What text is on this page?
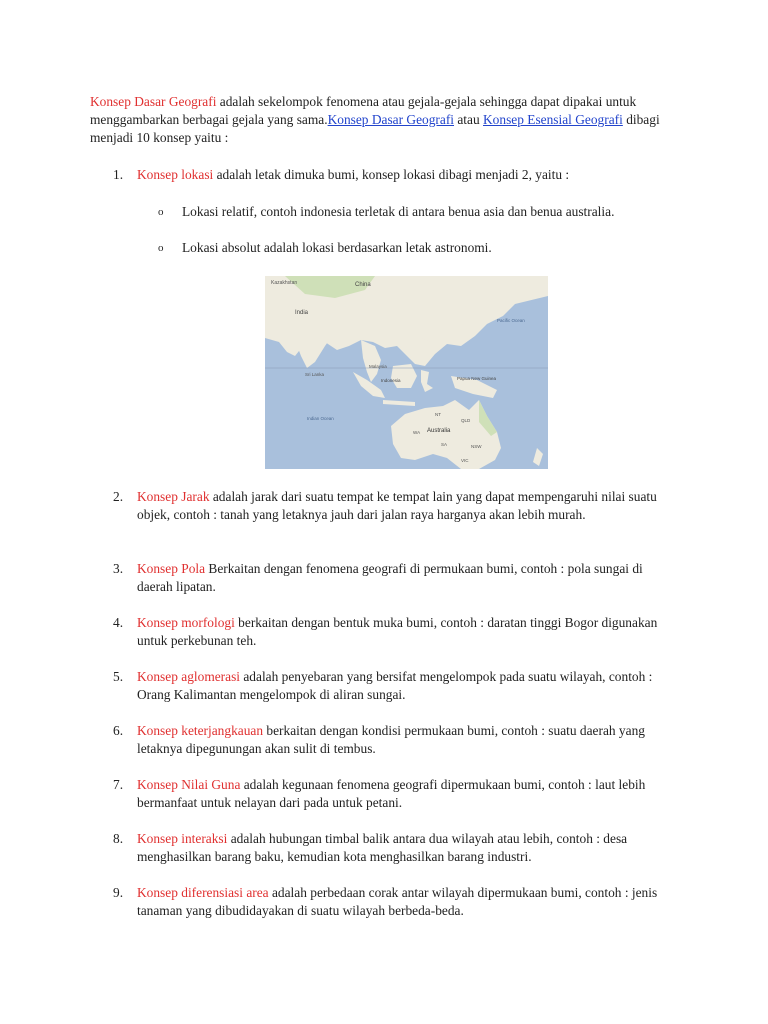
Konsep Dasar Geografi adalah sekelompok fenomena atau gejala-gejala sehingga dapat dipakai untuk menggambarkan berbagai gejala yang sama.Konsep Dasar Geografi atau Konsep Esensial Geografi dibagi menjadi 10 konsep yaitu :
1.	Konsep lokasi adalah letak dimuka bumi, konsep lokasi dibagi menjadi 2, yaitu :
o Lokasi relatif, contoh indonesia terletak di antara benua asia dan benua australia.
o Lokasi absolut adalah lokasi berdasarkan letak astronomi.
Kazakhstan	China
India
Sri Lanka
Malaysia
Indonesia	Papua New Guinea
Indian Ocean
Pacific Ocean
WA
NT
QLD
Australia
SA	NSW
VIC
2.	Konsep Jarak adalah jarak dari suatu tempat ke tempat lain yang dapat mempengaruhi nilai suatu objek, contoh : tanah yang letaknya jauh dari jalan raya harganya akan lebih murah.
3.	Konsep Pola Berkaitan dengan fenomena geografi di permukaan bumi, contoh : pola sungai di daerah lipatan.
4.	Konsep morfologi berkaitan dengan bentuk muka bumi, contoh : daratan tinggi Bogor digunakan untuk perkebunan teh.
5.	Konsep aglomerasi adalah penyebaran yang bersifat mengelompok pada suatu wilayah, contoh : Orang Kalimantan mengelompok di aliran sungai.
6.	Konsep keterjangkauan berkaitan dengan kondisi permukaan bumi, contoh : suatu daerah yang letaknya dipegunungan akan sulit di tembus.
7.	Konsep Nilai Guna adalah kegunaan fenomena geografi dipermukaan bumi, contoh : laut lebih bermanfaat untuk nelayan dari pada untuk petani.
8.	Konsep interaksi adalah hubungan timbal balik antara dua wilayah atau lebih, contoh : desa menghasilkan barang baku, kemudian kota menghasilkan barang industri.
9.	Konsep diferensiasi area adalah perbedaan corak antar wilayah dipermukaan bumi, contoh : jenis tanaman yang dibudidayakan di suatu wilayah berbeda-beda.
